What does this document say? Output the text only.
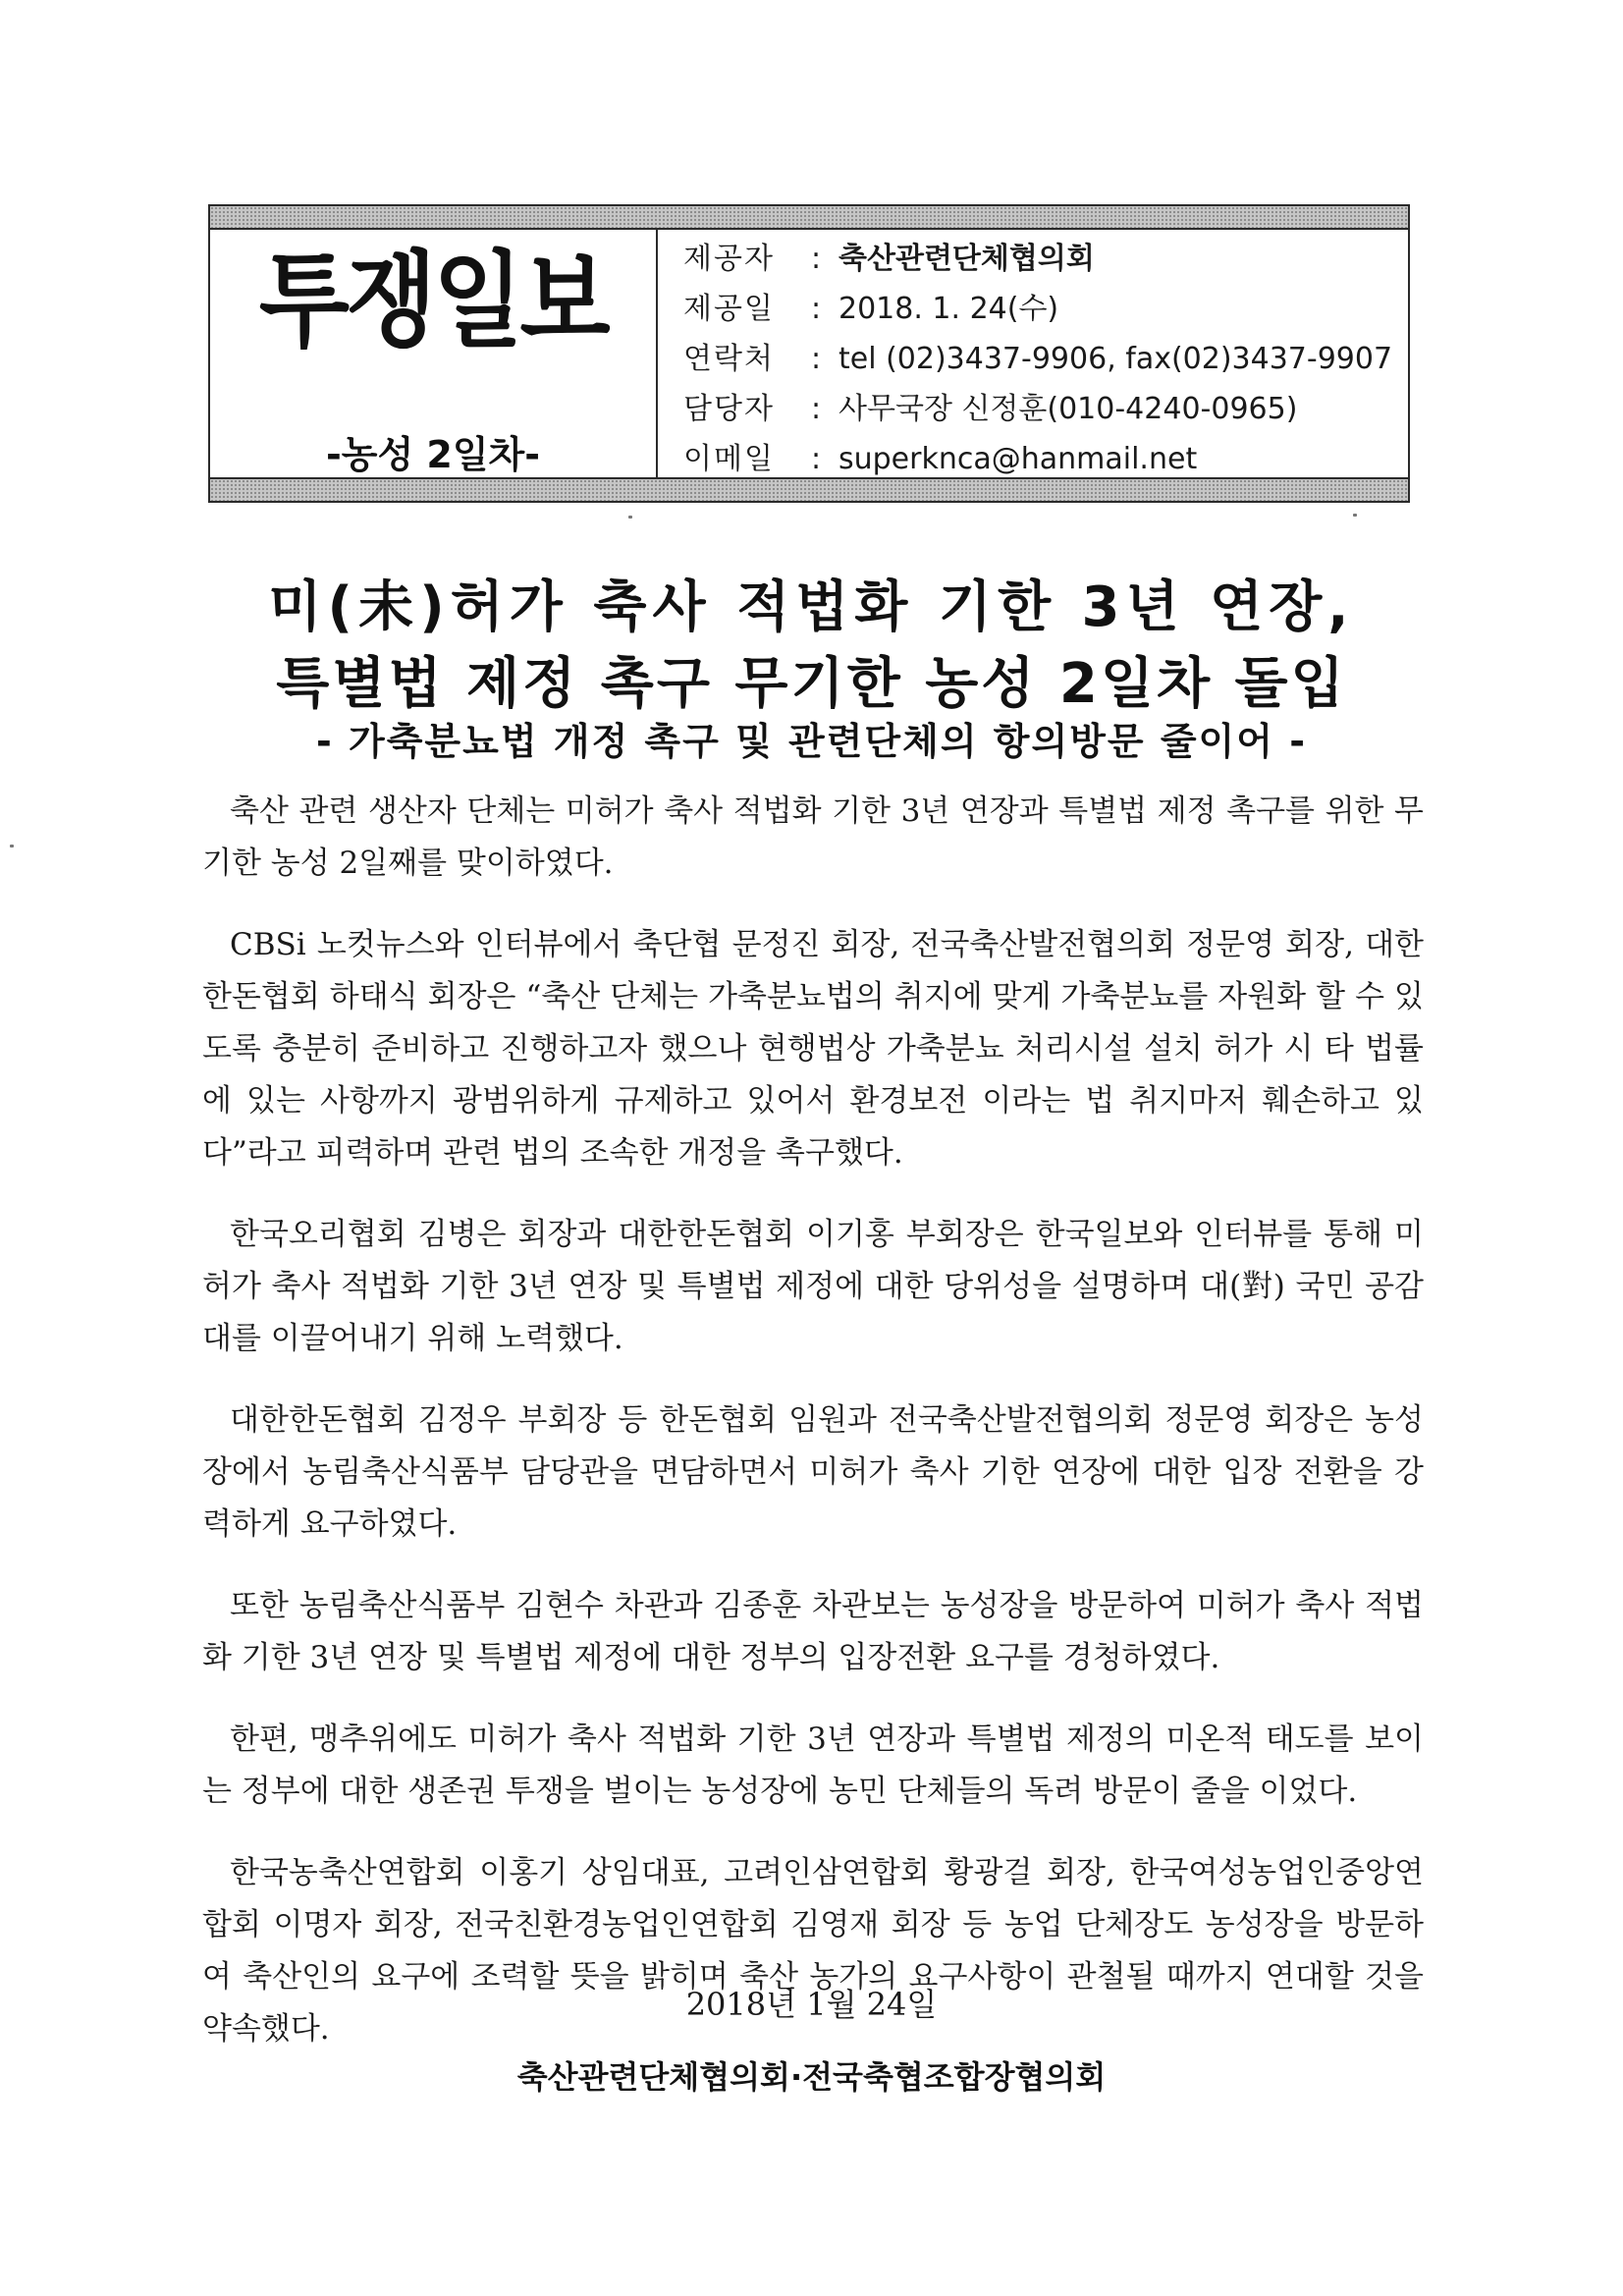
투쟁일보
-농성 2일차-
제공자 : 축산관련단체협의회
제공일 : 2018. 1. 24(수)
연락처 : tel (02)3437-9906, fax(02)3437-9907
담당자 : 사무국장 신정훈(010-4240-0965)
이메일 : superknca@hanmail.net
미(未)허가 축사 적법화 기한 3년 연장,
특별법 제정 촉구 무기한 농성 2일차 돌입
- 가축분뇨법 개정 촉구 및 관련단체의 항의방문 줄이어 -

축산 관련 생산자 단체는 미허가 축사 적법화 기한 3년 연장과 특별법 제정 촉구를 위한 무기한 농성 2일째를 맞이하였다.

CBSi 노컷뉴스와 인터뷰에서 축단협 문정진 회장, 전국축산발전협의회 정문영 회장, 대한한돈협회 하태식 회장은 “축산 단체는 가축분뇨법의 취지에 맞게 가축분뇨를 자원화 할 수 있도록 충분히 준비하고 진행하고자 했으나 현행법상 가축분뇨 처리시설 설치 허가 시 타 법률에 있는 사항까지 광범위하게 규제하고 있어서 환경보전 이라는 법 취지마저 훼손하고 있다”라고 피력하며 관련 법의 조속한 개정을 촉구했다.

한국오리협회 김병은 회장과 대한한돈협회 이기홍 부회장은 한국일보와 인터뷰를 통해 미허가 축사 적법화 기한 3년 연장 및 특별법 제정에 대한 당위성을 설명하며 대(對) 국민 공감대를 이끌어내기 위해 노력했다.

대한한돈협회 김정우 부회장 등 한돈협회 임원과 전국축산발전협의회 정문영 회장은 농성장에서 농림축산식품부 담당관을 면담하면서 미허가 축사 기한 연장에 대한 입장 전환을 강력하게 요구하였다.

또한 농림축산식품부 김현수 차관과 김종훈 차관보는 농성장을 방문하여 미허가 축사 적법화 기한 3년 연장 및 특별법 제정에 대한 정부의 입장전환 요구를 경청하였다.

한편, 맹추위에도 미허가 축사 적법화 기한 3년 연장과 특별법 제정의 미온적 태도를 보이는 정부에 대한 생존권 투쟁을 벌이는 농성장에 농민 단체들의 독려 방문이 줄을 이었다.

한국농축산연합회 이홍기 상임대표, 고려인삼연합회 황광걸 회장, 한국여성농업인중앙연합회 이명자 회장, 전국친환경농업인연합회 김영재 회장 등 농업 단체장도 농성장을 방문하여 축산인의 요구에 조력할 뜻을 밝히며 축산 농가의 요구사항이 관철될 때까지 연대할 것을 약속했다.

2018년 1월 24일
축산관련단체협의회·전국축협조합장협의회
